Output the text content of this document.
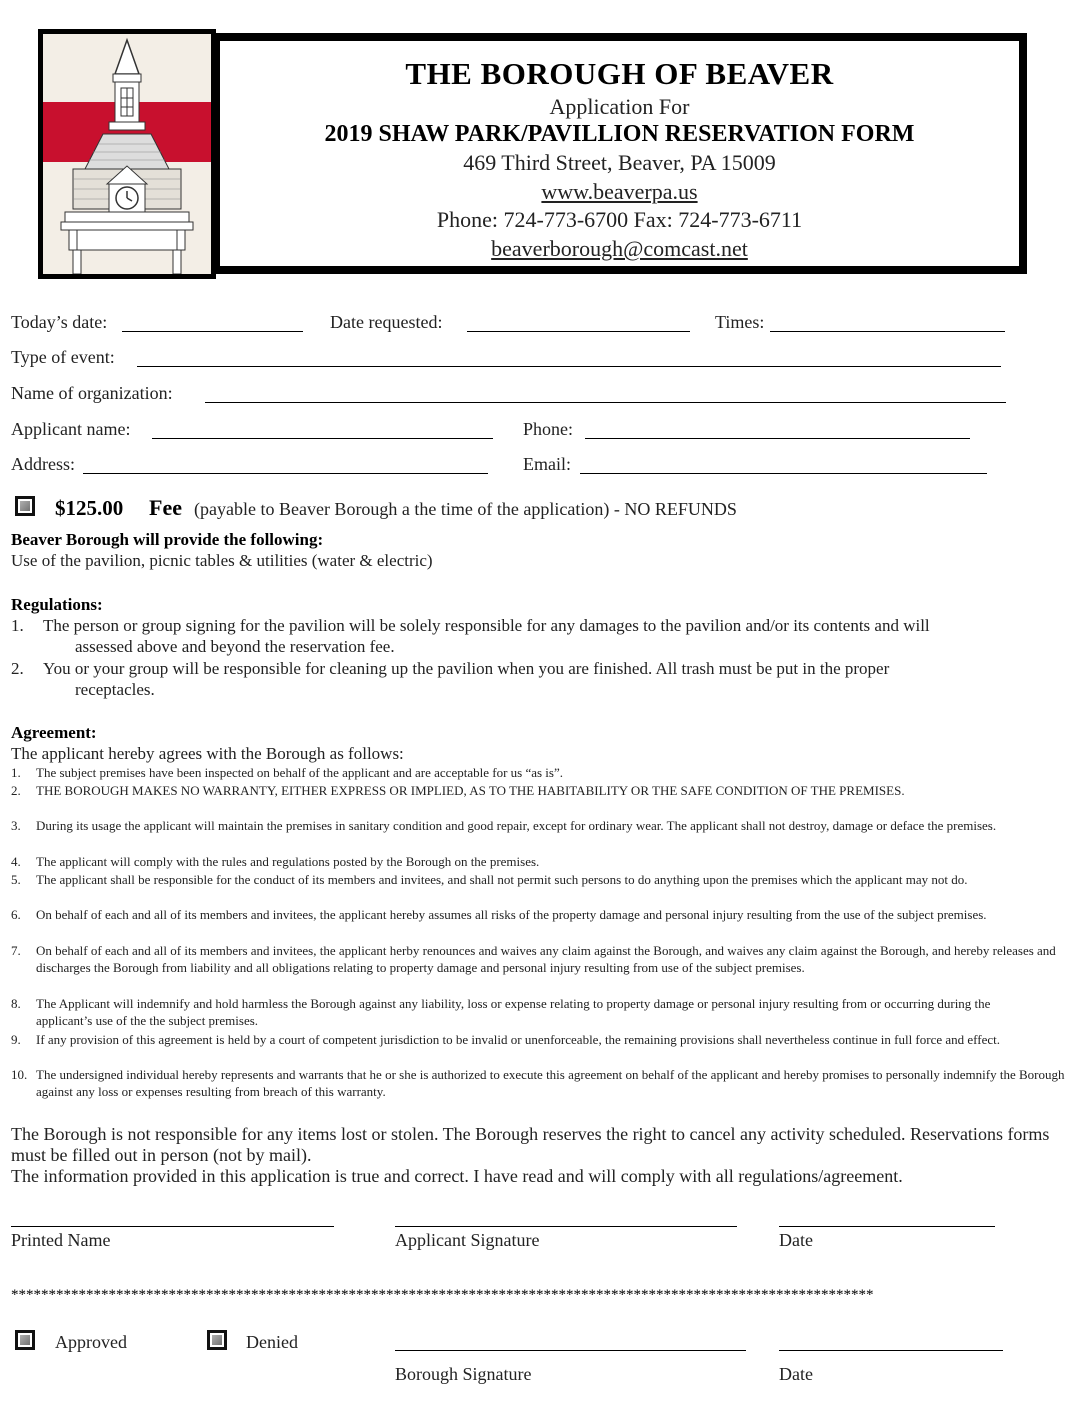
THE BOROUGH OF BEAVER
Application For
2019 SHAW PARK/PAVILLION RESERVATION FORM
469 Third Street, Beaver, PA 15009
www.beaverpa.us
Phone: 724-773-6700 Fax: 724-773-6711
beaverborough@comcast.net
Today’s date:	Date requested:	Times:
Type of event:
Name of organization:
Applicant name:	Phone:
Address:	Email:
$125.00 Fee (payable to Beaver Borough a the time of the application) - NO REFUNDS
Beaver Borough will provide the following:
Use of the pavilion, picnic tables & utilities (water & electric)
Regulations:
1. The person or group signing for the pavilion will be solely responsible for any damages to the pavilion and/or its contents and will
assessed above and beyond the reservation fee.
2. You or your group will be responsible for cleaning up the pavilion when you are finished. All trash must be put in the proper
receptacles.
Agreement:
The applicant hereby agrees with the Borough as follows:
1. The subject premises have been inspected on behalf of the applicant and are acceptable for us “as is”.
2. THE BOROUGH MAKES NO WARRANTY, EITHER EXPRESS OR IMPLIED, AS TO THE HABITABILITY OR THE SAFE CONDITION OF THE PREMISES.
3. During its usage the applicant will maintain the premises in sanitary condition and good repair, except for ordinary wear. The applicant shall not destroy, damage or deface the premises.
4. The applicant will comply with the rules and regulations posted by the Borough on the premises.
5. The applicant shall be responsible for the conduct of its members and invitees, and shall not permit such persons to do anything upon the premises which the applicant may not do.
6. On behalf of each and all of its members and invitees, the applicant hereby assumes all risks of the property damage and personal injury resulting from the use of the subject premises.
7. On behalf of each and all of its members and invitees, the applicant herby renounces and waives any claim against the Borough, and waives any claim against the Borough, and hereby releases and discharges the Borough from liability and all obligations relating to property damage and personal injury resulting from use of the subject premises.
8. The Applicant will indemnify and hold harmless the Borough against any liability, loss or expense relating to property damage or personal injury resulting from or occurring during the applicant’s use of the the subject premises.
9. If any provision of this agreement is held by a court of competent jurisdiction to be invalid or unenforceable, the remaining provisions shall nevertheless continue in full force and effect.
10. The undersigned individual hereby represents and warrants that he or she is authorized to execute this agreement on behalf of the applicant and hereby promises to personally indemnify the Borough against any loss or expenses resulting from breach of this warranty.
The Borough is not responsible for any items lost or stolen. The Borough reserves the right to cancel any activity scheduled. Reservations forms must be filled out in person (not by mail).
The information provided in this application is true and correct. I have read and will comply with all regulations/agreement.
Printed Name	Applicant Signature	Date
*******************************************************************************************************************
Approved	Denied
Borough Signature	Date
